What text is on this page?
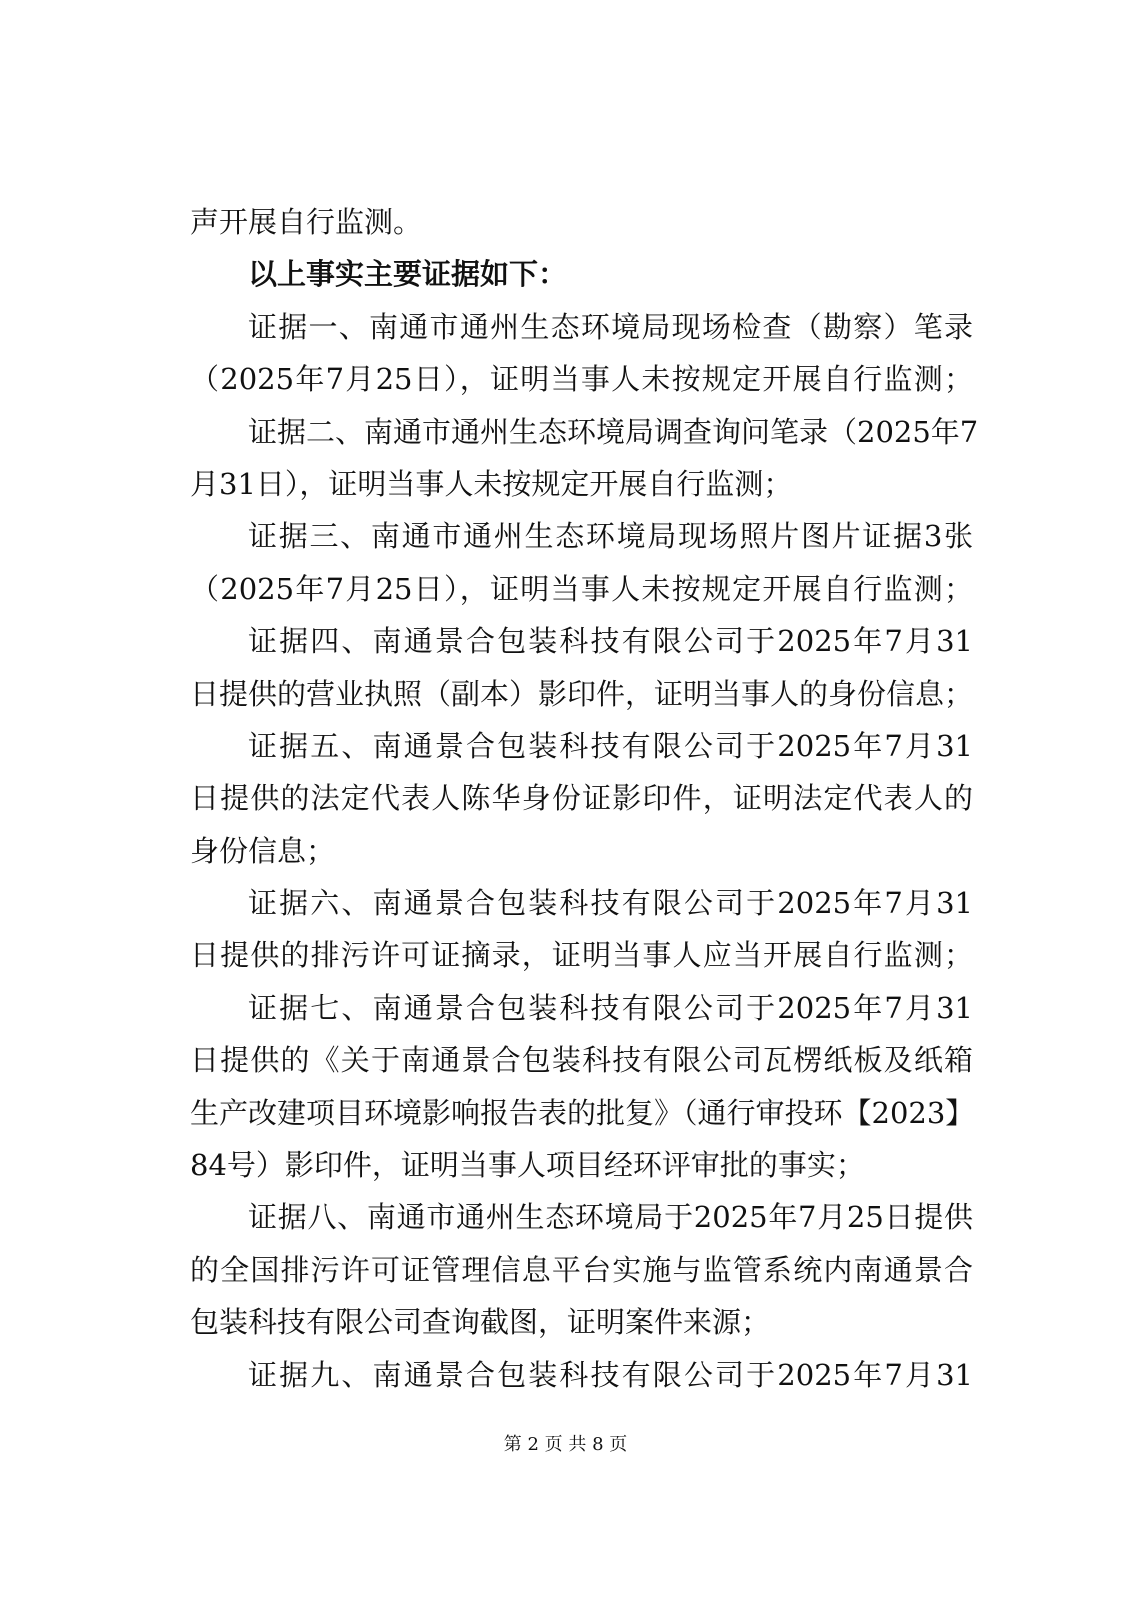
声开展自行监测。
以上事实主要证据如下：
证据一、南通市通州生态环境局现场检查（勘察）笔录
（2025年7月25日），证明当事人未按规定开展自行监测；
证据二、南通市通州生态环境局调查询问笔录（2025年7
月31日），证明当事人未按规定开展自行监测；
证据三、南通市通州生态环境局现场照片图片证据3张
（2025年7月25日），证明当事人未按规定开展自行监测；
证据四、南通景合包装科技有限公司于2025年7月31
日提供的营业执照（副本）影印件，证明当事人的身份信息；
证据五、南通景合包装科技有限公司于2025年7月31
日提供的法定代表人陈华身份证影印件，证明法定代表人的
身份信息；
证据六、南通景合包装科技有限公司于2025年7月31
日提供的排污许可证摘录，证明当事人应当开展自行监测；
证据七、南通景合包装科技有限公司于2025年7月31
日提供的《关于南通景合包装科技有限公司瓦楞纸板及纸箱
生产改建项目环境影响报告表的批复》（通行审投环【2023】
84号）影印件，证明当事人项目经环评审批的事实；
证据八、南通市通州生态环境局于2025年7月25日提供
的全国排污许可证管理信息平台实施与监管系统内南通景合
包装科技有限公司查询截图，证明案件来源；
证据九、南通景合包装科技有限公司于2025年7月31
第 2 页 共 8 页
